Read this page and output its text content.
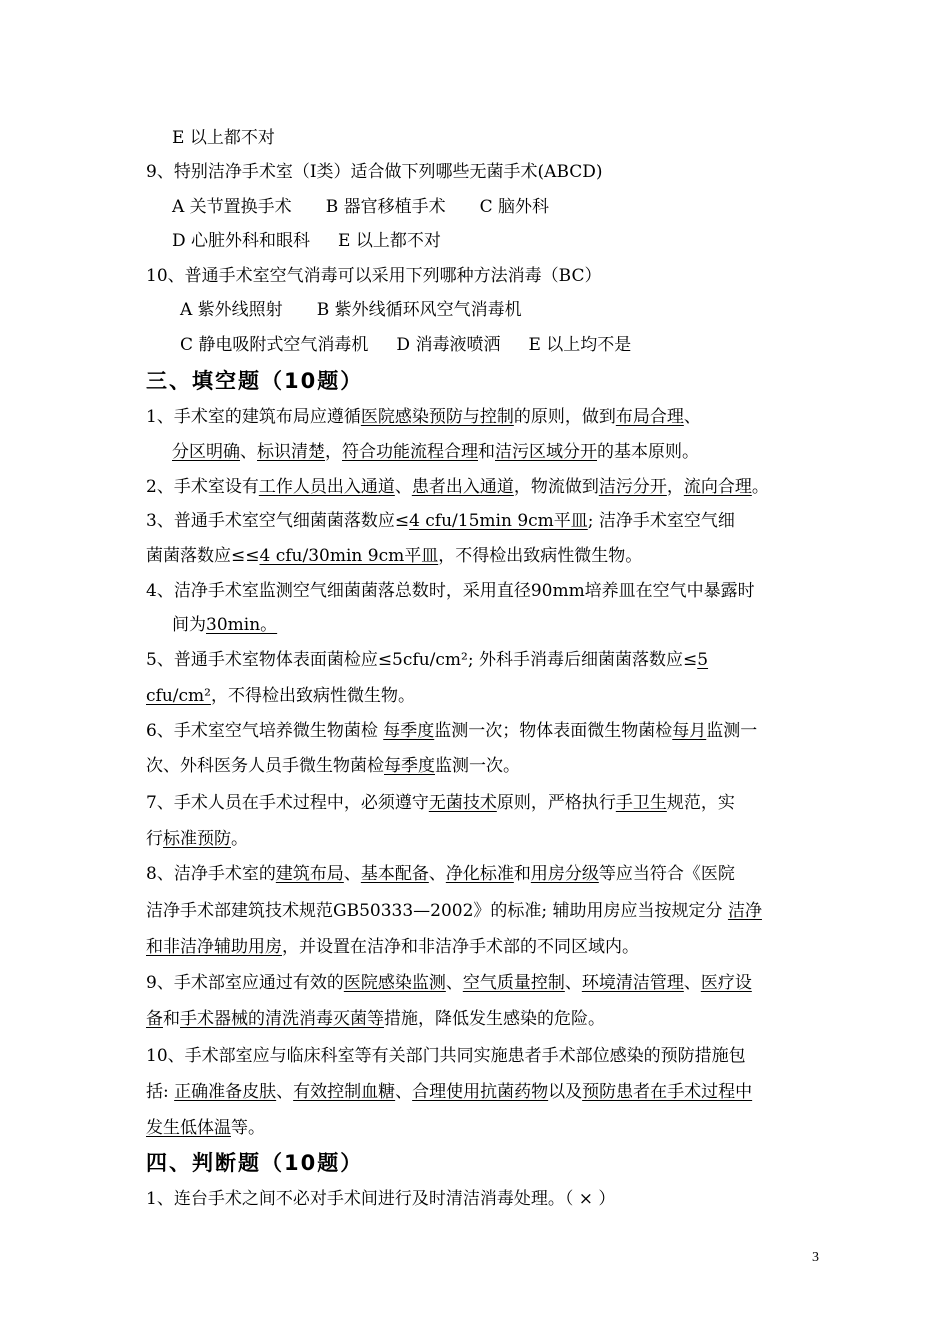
E 以上都不对
9、特别洁净手术室（Ⅰ类）适合做下列哪些无菌手术(ABCD)
A 关节置换手术 B 器官移植手术 C 脑外科
D 心脏外科和眼科 E 以上都不对
10、普通手术室空气消毒可以采用下列哪种方法消毒（BC）
A 紫外线照射 B 紫外线循环风空气消毒机
C 静电吸附式空气消毒机 D 消毒液喷洒 E 以上均不是
三、填空题（10题）
1、手术室的建筑布局应遵循医院感染预防与控制的原则，做到布局合理、
分区明确、标识清楚，符合功能流程合理和洁污区域分开的基本原则。
2、手术室设有工作人员出入通道、患者出入通道，物流做到洁污分开，流向合理。
3、普通手术室空气细菌菌落数应≤4 cfu/15min 9cm平皿; 洁净手术室空气细
菌菌落数应≤≤4 cfu/30min 9cm平皿，不得检出致病性微生物。
4、洁净手术室监测空气细菌菌落总数时，采用直径90mm培养皿在空气中暴露时
间为30min。
5、普通手术室物体表面菌检应≤5cfu/cm²; 外科手消毒后细菌菌落数应≤5
cfu/cm²，不得检出致病性微生物。
6、手术室空气培养微生物菌检 每季度监测一次；物体表面微生物菌检每月监测一
次、外科医务人员手微生物菌检每季度监测一次。
7、手术人员在手术过程中，必须遵守无菌技术原则，严格执行手卫生规范，实
行标准预防。
8、洁净手术室的建筑布局、基本配备、净化标准和用房分级等应当符合《医院
洁净手术部建筑技术规范GB50333—2002》的标准; 辅助用房应当按规定分 洁净
和非洁净辅助用房，并设置在洁净和非洁净手术部的不同区域内。
9、手术部室应通过有效的医院感染监测、空气质量控制、环境清洁管理、医疗设
备和手术器械的清洗消毒灭菌等措施，降低发生感染的危险。
10、手术部室应与临床科室等有关部门共同实施患者手术部位感染的预防措施包
括: 正确准备皮肤、有效控制血糖、合理使用抗菌药物以及预防患者在手术过程中
发生低体温等。
四、判断题（10题）
1、连台手术之间不必对手术间进行及时清洁消毒处理。（ × ）
3
